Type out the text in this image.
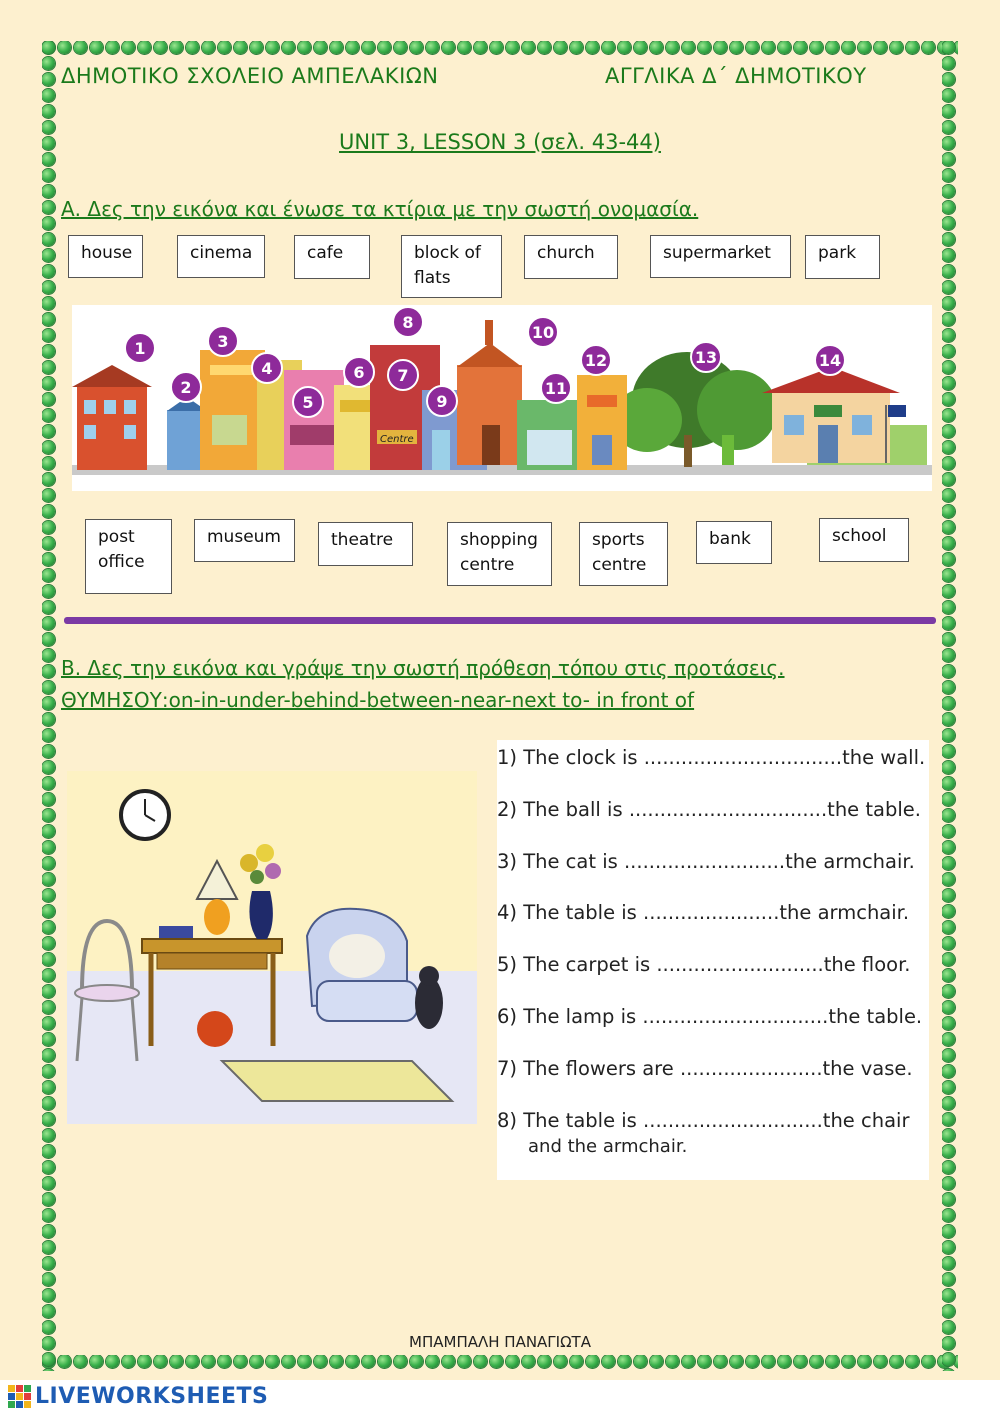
ΔΗΜΟΤΙΚΟ ΣΧΟΛΕΙΟ ΑΜΠΕΛΑΚΙΩΝ	ΑΓΓΛΙΚΑ Δ΄ ΔΗΜΟΤΙΚΟΥ
UNIT 3, LESSON 3 (σελ. 43-44)
Α. Δες την εικόνα και ένωσε τα κτίρια με την σωστή ονομασία.
house	cinema	cafe	block of flats
church	supermarket	park
Centre
1
2
3
4
5
6 7
8
9
10
11
12	13	14
post office
museum	theatre	shopping centre
sports centre
bank	school
Β. Δες την εικόνα και γράψε την σωστή πρόθεση τόπου στις προτάσεις.
ΘΥΜΗΣΟΥ:on-in-under-behind-between-near-next to- in front of
1) The clock is ................................the wall.
2) The ball is ................................the table.
3) The cat is ..........................the armchair.
4) The table is ......................the armchair.
5) The carpet is ...........................the floor.
6) The lamp is ..............................the table.
7) The flowers are .......................the vase.
8) The table is .............................the chair
and the armchair.
ΜΠΑΜΠΑΛΗ ΠΑΝΑΓΙΩΤΑ
LIVEWORKSHEETS
